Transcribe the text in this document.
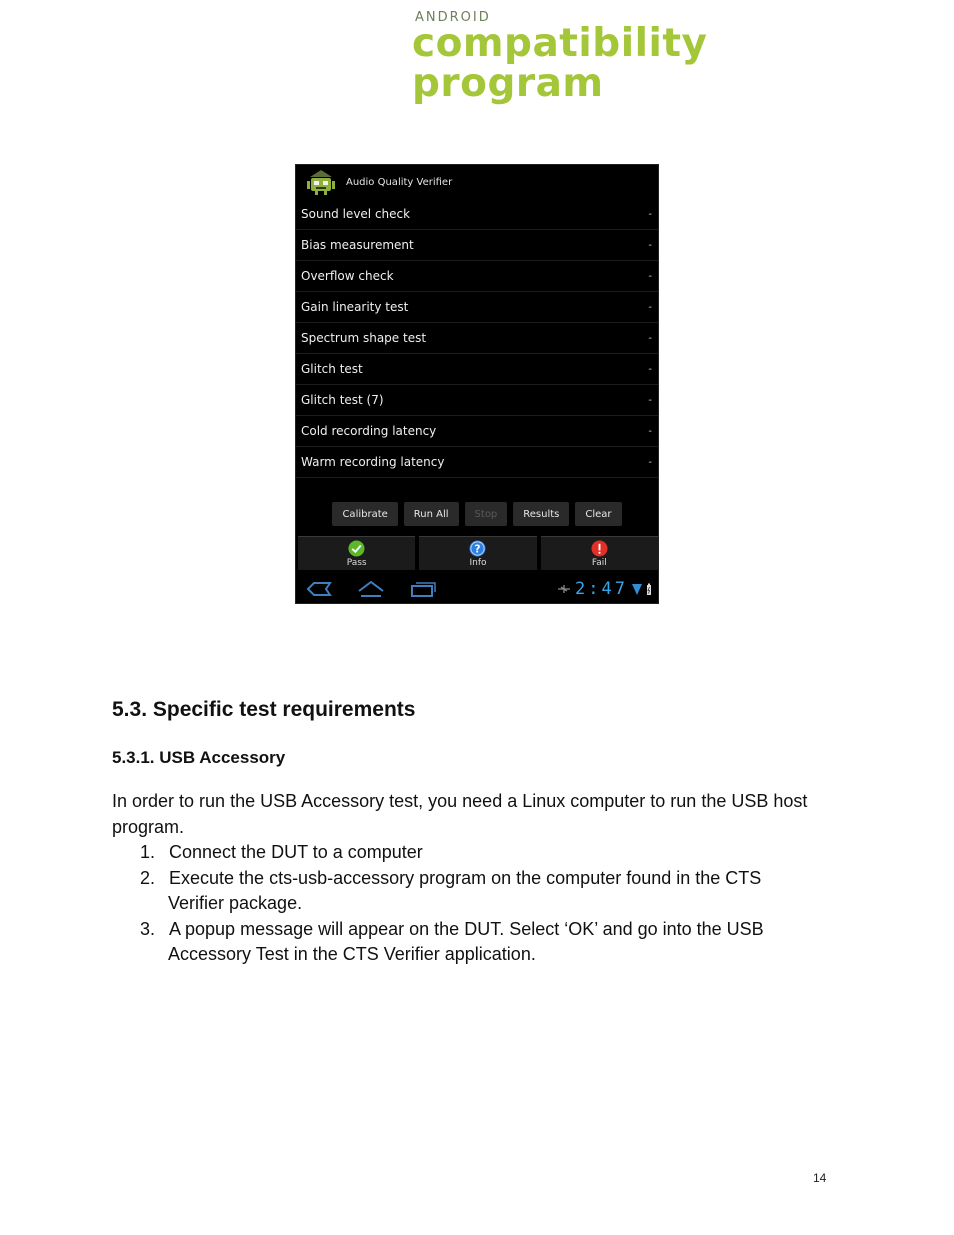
ANDROID
compatibility program
Audio Quality Verifier
Sound level check	-
Bias measurement	-
Overflow check	-
Gain linearity test	-
Spectrum shape test	-
Glitch test	-
Glitch test (7)	-
Cold recording latency	-
Warm recording latency	-
Calibrate	Run All	Stop	Results	Clear
Pass
?
Info	Fail
2:47
5.3. Specific test requirements
5.3.1. USB Accessory
In order to run the USB Accessory test, you need a Linux computer to run the USB host program.
1. Connect the DUT to a computer
2. Execute the cts-usb-accessory program on the computer found in the CTS
Verifier package.
3. A popup message will appear on the DUT. Select ‘OK’ and go into the USB
Accessory Test in the CTS Verifier application.
14
